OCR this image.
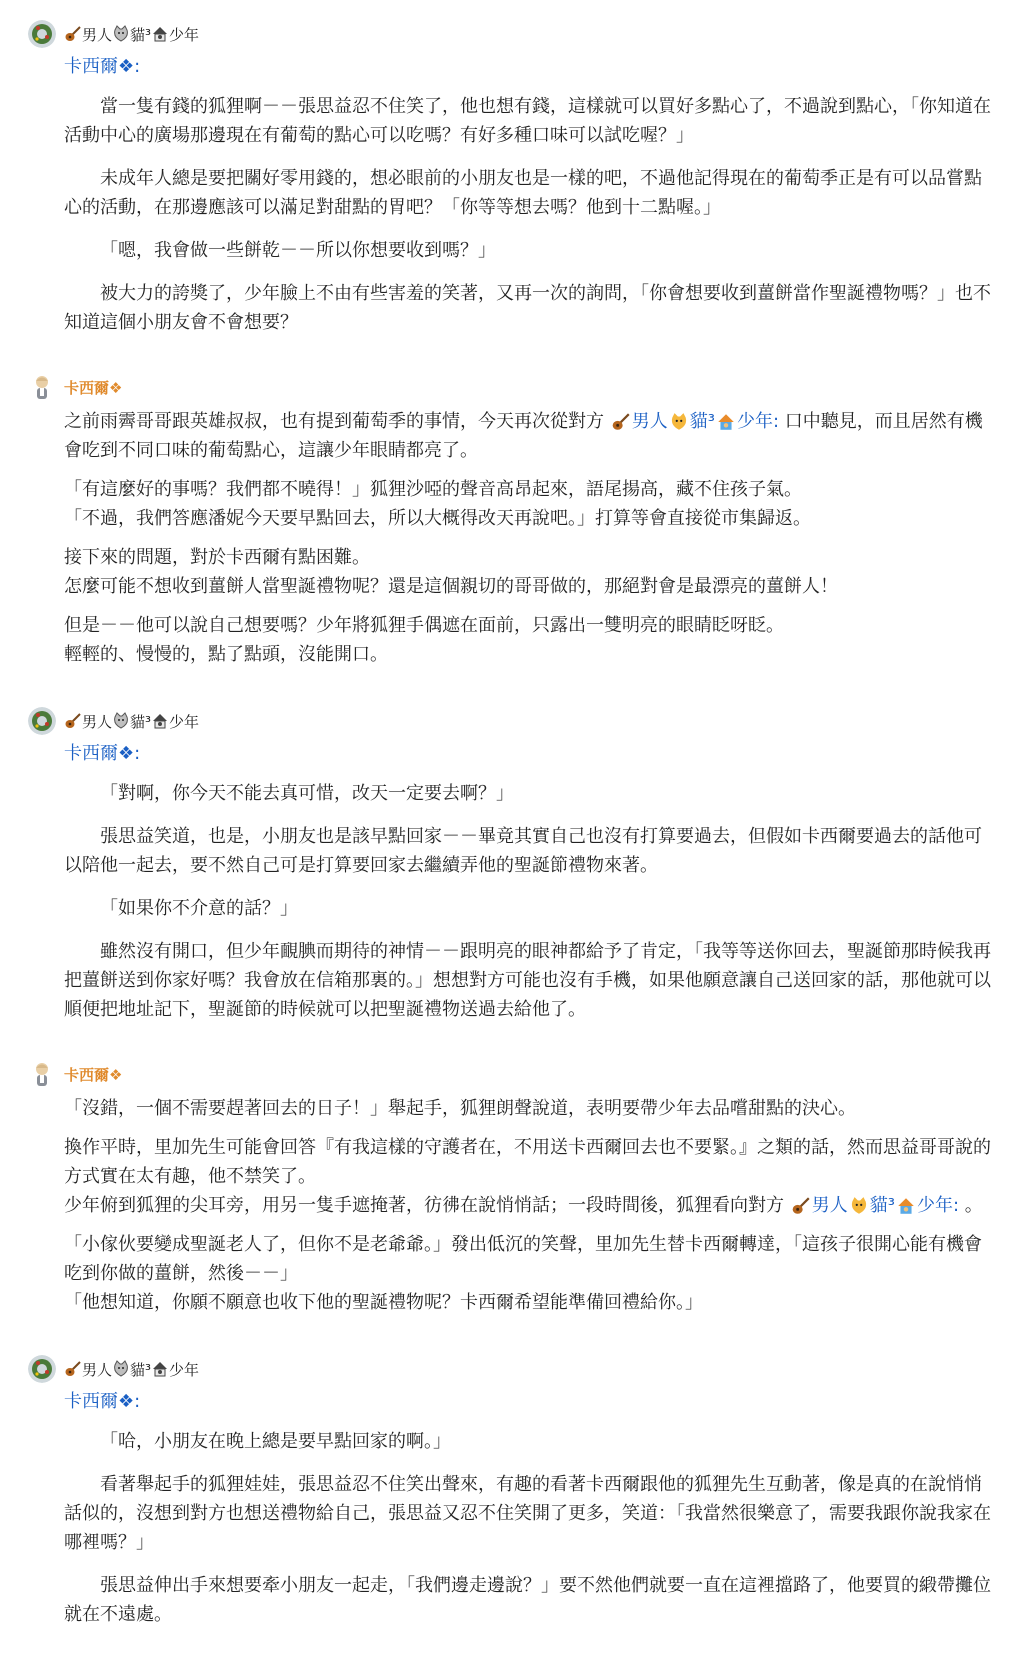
男人 貓³ 少年
卡西爾❖:

當一隻有錢的狐狸啊－－張思益忍不住笑了，他也想有錢，這樣就可以買好多點心了，不過說到點心，「你知道在活動中心的廣場那邊現在有葡萄的點心可以吃嗎？有好多種口味可以試吃喔？」

未成年人總是要把關好零用錢的，想必眼前的小朋友也是一樣的吧，不過他記得現在的葡萄季正是有可以品嘗點心的活動，在那邊應該可以滿足對甜點的胃吧？「你等等想去嗎？他到十二點喔。」

「嗯，我會做一些餅乾－－所以你想要收到嗎？」

被大力的誇獎了，少年臉上不由有些害羞的笑著，又再一次的詢問，「你會想要收到薑餅當作聖誕禮物嗎？」也不知道這個小朋友會不會想要？

卡西爾❖

之前雨霽哥哥跟英雄叔叔，也有提到葡萄季的事情，今天再次從對方 男人 貓³ 少年: 口中聽見，而且居然有機會吃到不同口味的葡萄點心，這讓少年眼睛都亮了。

「有這麼好的事嗎？我們都不曉得！」狐狸沙啞的聲音高昂起來，語尾揚高，藏不住孩子氣。

「不過，我們答應潘妮今天要早點回去，所以大概得改天再說吧。」打算等會直接從市集歸返。

接下來的問題，對於卡西爾有點困難。

怎麼可能不想收到薑餅人當聖誕禮物呢？還是這個親切的哥哥做的，那絕對會是最漂亮的薑餅人！

但是－－他可以說自己想要嗎？少年將狐狸手偶遮在面前，只露出一雙明亮的眼睛眨呀眨。

輕輕的、慢慢的，點了點頭，沒能開口。

男人 貓³ 少年
卡西爾❖:

「對啊，你今天不能去真可惜，改天一定要去啊？」

張思益笑道，也是，小朋友也是該早點回家－－畢竟其實自己也沒有打算要過去，但假如卡西爾要過去的話他可以陪他一起去，要不然自己可是打算要回家去繼續弄他的聖誕節禮物來著。

「如果你不介意的話？」

雖然沒有開口，但少年靦腆而期待的神情－－跟明亮的眼神都給予了肯定，「我等等送你回去，聖誕節那時候我再把薑餅送到你家好嗎？我會放在信箱那裏的。」想想對方可能也沒有手機，如果他願意讓自己送回家的話，那他就可以順便把地址記下，聖誕節的時候就可以把聖誕禮物送過去給他了。

卡西爾❖

「沒錯，一個不需要趕著回去的日子！」舉起手，狐狸朗聲說道，表明要帶少年去品嚐甜點的決心。

換作平時，里加先生可能會回答『有我這樣的守護者在，不用送卡西爾回去也不要緊。』之類的話，然而思益哥哥說的方式實在太有趣，他不禁笑了。

少年俯到狐狸的尖耳旁，用另一隻手遮掩著，彷彿在說悄悄話；一段時間後，狐狸看向對方 男人 貓³ 少年: 。

「小傢伙要變成聖誕老人了，但你不是老爺爺。」發出低沉的笑聲，里加先生替卡西爾轉達，「這孩子很開心能有機會吃到你做的薑餅，然後－－」

「他想知道，你願不願意也收下他的聖誕禮物呢？卡西爾希望能準備回禮給你。」

男人 貓³ 少年
卡西爾❖:

「哈，小朋友在晚上總是要早點回家的啊。」

看著舉起手的狐狸娃娃，張思益忍不住笑出聲來，有趣的看著卡西爾跟他的狐狸先生互動著，像是真的在說悄悄話似的，沒想到對方也想送禮物給自己，張思益又忍不住笑開了更多，笑道：「我當然很樂意了，需要我跟你說我家在哪裡嗎？」

張思益伸出手來想要牽小朋友一起走，「我們邊走邊說？」要不然他們就要一直在這裡擋路了，他要買的緞帶攤位就在不遠處。
